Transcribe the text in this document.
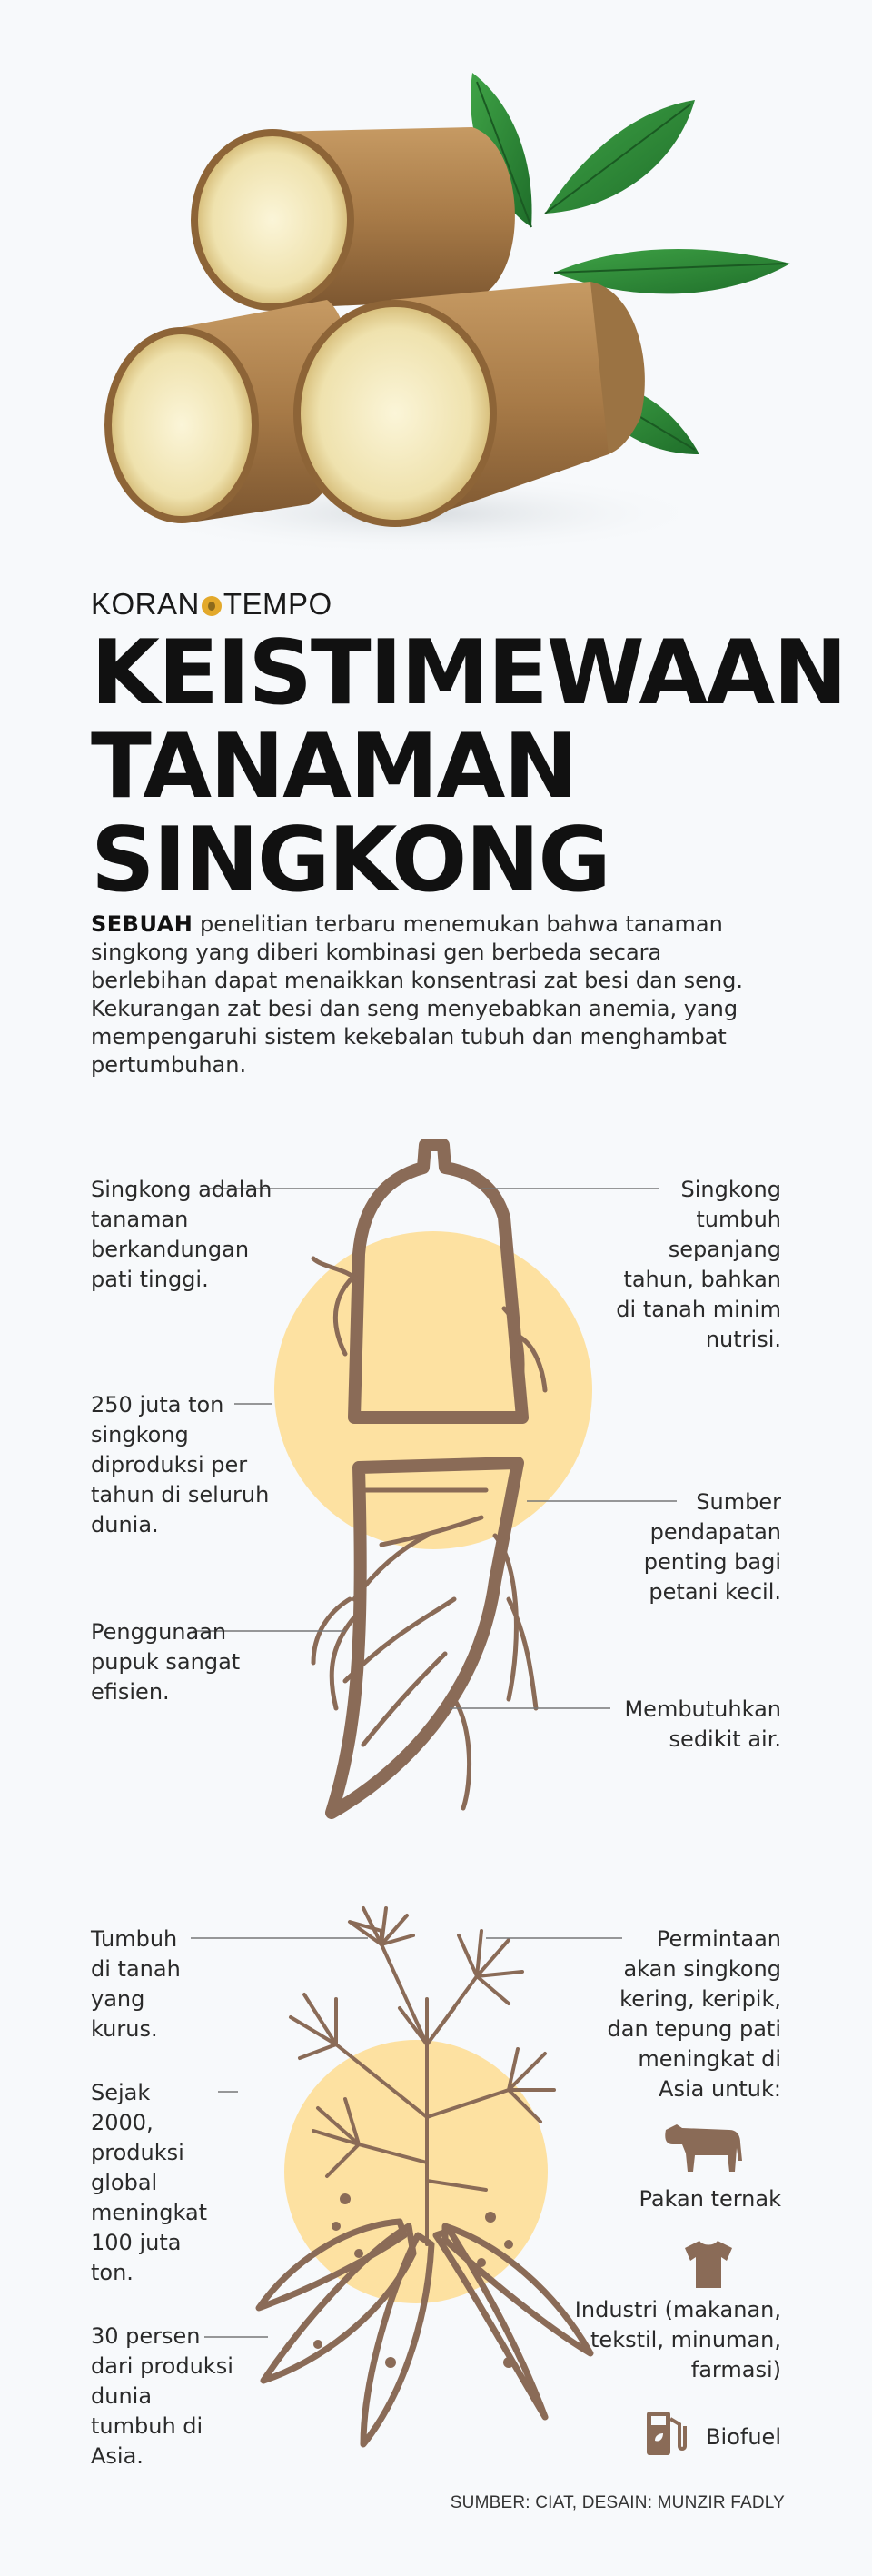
KORAN TEMPO
KEISTIMEWAAN
TANAMAN
SINGKONG
SEBUAH penelitian terbaru menemukan bahwa tanaman singkong yang diberi kombinasi gen berbeda secara berlebihan dapat menaikkan konsentrasi zat besi dan seng. Kekurangan zat besi dan seng menyebabkan anemia, yang mempengaruhi sistem kekebalan tubuh dan menghambat pertumbuhan.
Singkong adalah tanaman berkandungan pati tinggi.
250 juta ton singkong diproduksi per tahun di seluruh dunia.
Penggunaan pupuk sangat efisien.
Singkong tumbuh sepanjang tahun, bahkan di tanah minim nutrisi.
Sumber pendapatan penting bagi petani kecil.
Membutuhkan sedikit air.
Tumbuh di tanah yang kurus.
Sejak 2000, produksi global meningkat 100 juta ton.
30 persen dari produksi dunia tumbuh di Asia.
Permintaan akan singkong kering, keripik, dan tepung pati meningkat di Asia untuk:
Pakan ternak
Industri (makanan, tekstil, minuman, farmasi)
Biofuel
SUMBER: CIAT, DESAIN: MUNZIR FADLY
